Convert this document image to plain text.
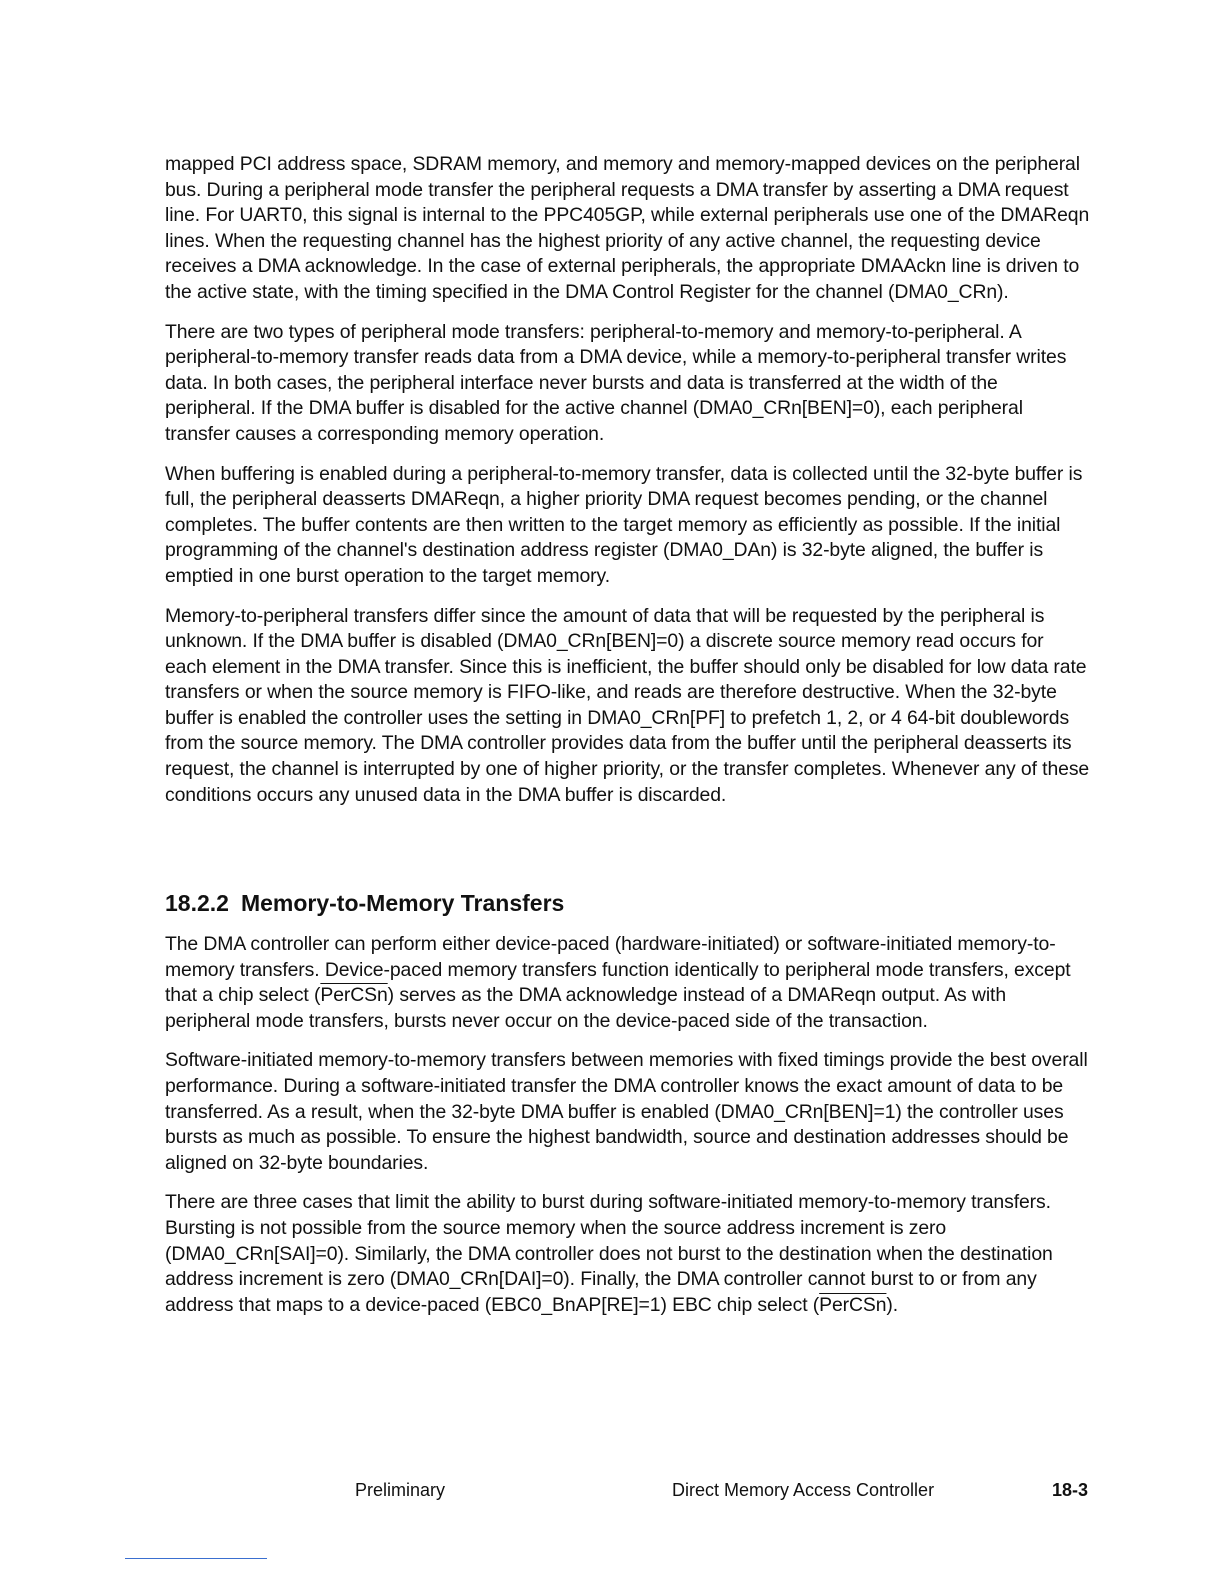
mapped PCI address space, SDRAM memory, and memory and memory-mapped devices on the peripheral bus. During a peripheral mode transfer the peripheral requests a DMA transfer by asserting a DMA request line. For UART0, this signal is internal to the PPC405GP, while external peripherals use one of the DMAReqn lines. When the requesting channel has the highest priority of any active channel, the requesting device receives a DMA acknowledge. In the case of external peripherals, the appropriate DMAAckn line is driven to the active state, with the timing specified in the DMA Control Register for the channel (DMA0_CRn).

There are two types of peripheral mode transfers: peripheral-to-memory and memory-to-peripheral. A peripheral-to-memory transfer reads data from a DMA device, while a memory-to-peripheral transfer writes data. In both cases, the peripheral interface never bursts and data is transferred at the width of the peripheral. If the DMA buffer is disabled for the active channel (DMA0_CRn[BEN]=0), each peripheral transfer causes a corresponding memory operation.

When buffering is enabled during a peripheral-to-memory transfer, data is collected until the 32-byte buffer is full, the peripheral deasserts DMAReqn, a higher priority DMA request becomes pending, or the channel completes. The buffer contents are then written to the target memory as efficiently as possible. If the initial programming of the channel's destination address register (DMA0_DAn) is 32-byte aligned, the buffer is emptied in one burst operation to the target memory.

Memory-to-peripheral transfers differ since the amount of data that will be requested by the peripheral is unknown. If the DMA buffer is disabled (DMA0_CRn[BEN]=0) a discrete source memory read occurs for each element in the DMA transfer. Since this is inefficient, the buffer should only be disabled for low data rate transfers or when the source memory is FIFO-like, and reads are therefore destructive. When the 32-byte buffer is enabled the controller uses the setting in DMA0_CRn[PF] to prefetch 1, 2, or 4 64-bit doublewords from the source memory. The DMA controller provides data from the buffer until the peripheral deasserts its request, the channel is interrupted by one of higher priority, or the transfer completes. Whenever any of these conditions occurs any unused data in the DMA buffer is discarded.

18.2.2 Memory-to-Memory Transfers

The DMA controller can perform either device-paced (hardware-initiated) or software-initiated memory-to-memory transfers. Device-paced memory transfers function identically to peripheral mode transfers, except that a chip select (PerCSn) serves as the DMA acknowledge instead of a DMAReqn output. As with peripheral mode transfers, bursts never occur on the device-paced side of the transaction.

Software-initiated memory-to-memory transfers between memories with fixed timings provide the best overall performance. During a software-initiated transfer the DMA controller knows the exact amount of data to be transferred. As a result, when the 32-byte DMA buffer is enabled (DMA0_CRn[BEN]=1) the controller uses bursts as much as possible. To ensure the highest bandwidth, source and destination addresses should be aligned on 32-byte boundaries.

There are three cases that limit the ability to burst during software-initiated memory-to-memory transfers. Bursting is not possible from the source memory when the source address increment is zero (DMA0_CRn[SAI]=0). Similarly, the DMA controller does not burst to the destination when the destination address increment is zero (DMA0_CRn[DAI]=0). Finally, the DMA controller cannot burst to or from any address that maps to a device-paced (EBC0_BnAP[RE]=1) EBC chip select (PerCSn).

Preliminary	Direct Memory Access Controller	18-3
